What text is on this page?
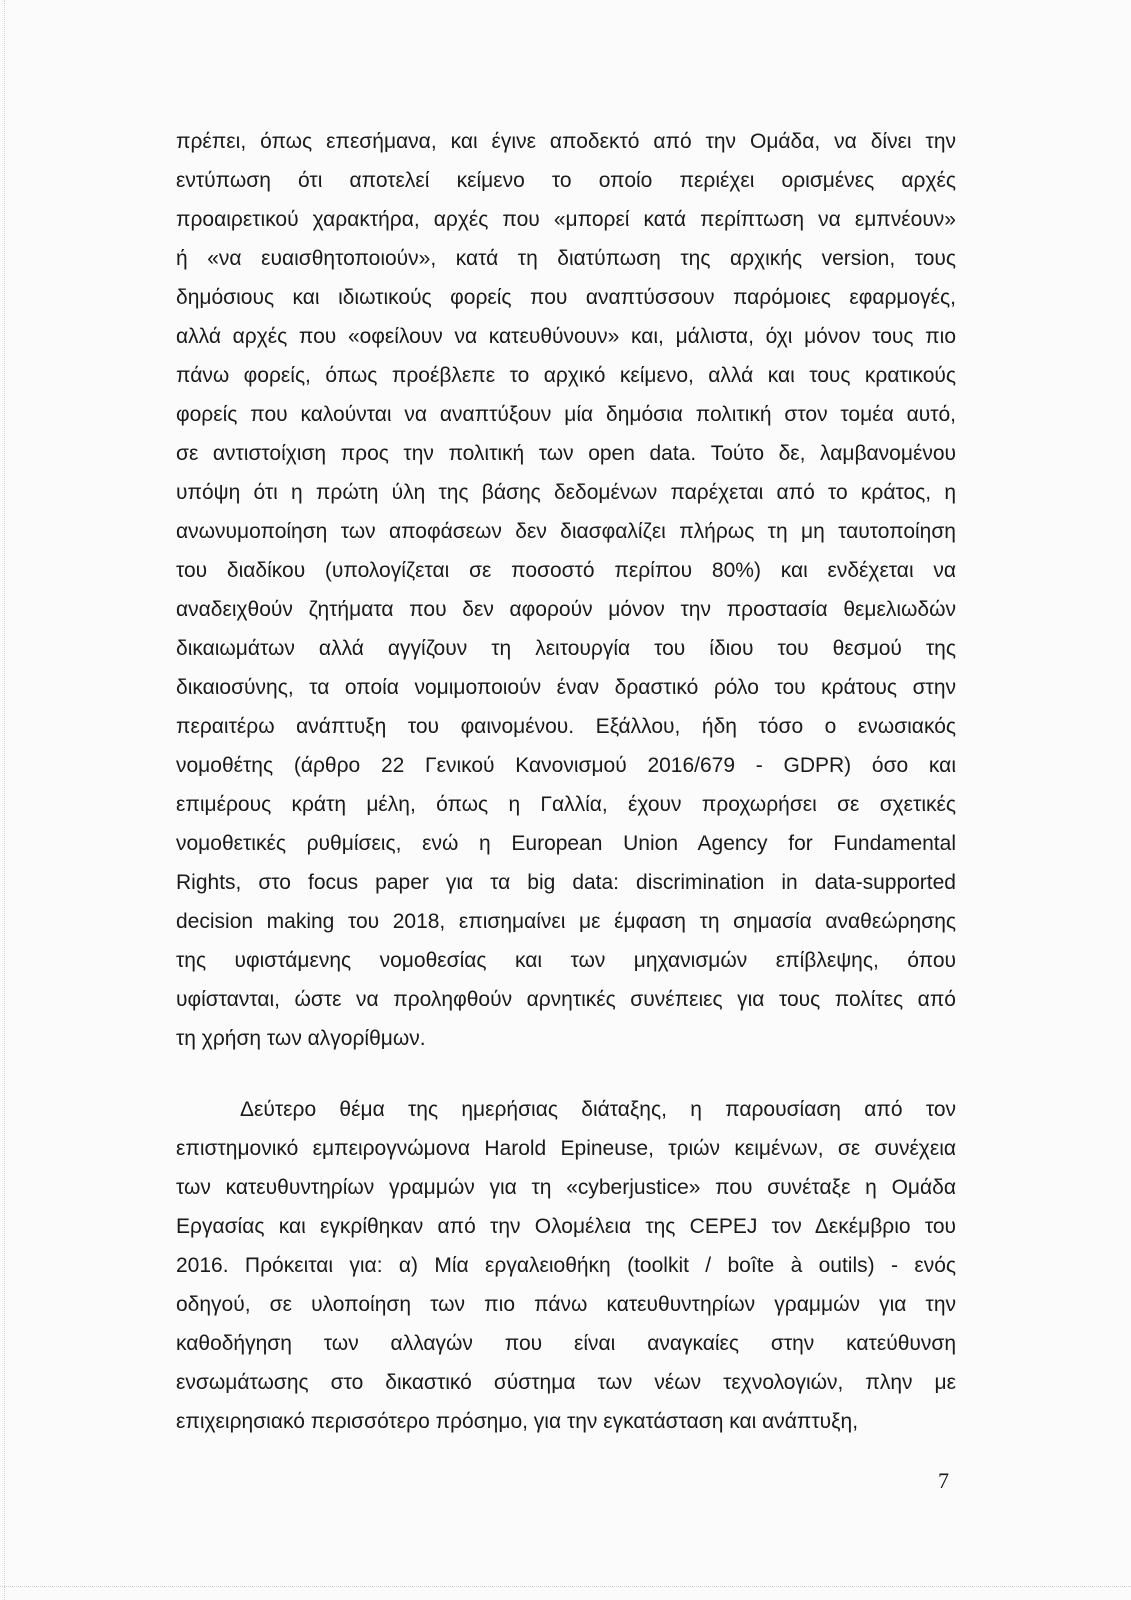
πρέπει, όπως επεσήμανα, και έγινε αποδεκτό από την Ομάδα, να δίνει την
εντύπωση ότι αποτελεί κείμενο το οποίο περιέχει ορισμένες αρχές
προαιρετικού χαρακτήρα, αρχές που «μπορεί κατά περίπτωση να εμπνέουν»
ή «να ευαισθητοποιούν», κατά τη διατύπωση της αρχικής version, τους
δημόσιους και ιδιωτικούς φορείς που αναπτύσσουν παρόμοιες εφαρμογές,
αλλά αρχές που «οφείλουν να κατευθύνουν» και, μάλιστα, όχι μόνον τους πιο
πάνω φορείς, όπως προέβλεπε το αρχικό κείμενο, αλλά και τους κρατικούς
φορείς που καλούνται να αναπτύξουν μία δημόσια πολιτική στον τομέα αυτό,
σε αντιστοίχιση προς την πολιτική των open data. Τούτο δε, λαμβανομένου
υπόψη ότι η πρώτη ύλη της βάσης δεδομένων παρέχεται από το κράτος, η
ανωνυμοποίηση των αποφάσεων δεν διασφαλίζει πλήρως τη μη ταυτοποίηση
του διαδίκου (υπολογίζεται σε ποσοστό περίπου 80%) και ενδέχεται να
αναδειχθούν ζητήματα που δεν αφορούν μόνον την προστασία θεμελιωδών
δικαιωμάτων αλλά αγγίζουν τη λειτουργία του ίδιου του θεσμού της
δικαιοσύνης, τα οποία νομιμοποιούν έναν δραστικό ρόλο του κράτους στην
περαιτέρω ανάπτυξη του φαινομένου. Εξάλλου, ήδη τόσο ο ενωσιακός
νομοθέτης (άρθρο 22 Γενικού Κανονισμού 2016/679 - GDPR) όσο και
επιμέρους κράτη μέλη, όπως η Γαλλία, έχουν προχωρήσει σε σχετικές
νομοθετικές ρυθμίσεις, ενώ η European Union Agency for Fundamental
Rights, στο focus paper για τα big data: discrimination in data-supported
decision making του 2018, επισημαίνει με έμφαση τη σημασία αναθεώρησης
της υφιστάμενης νομοθεσίας και των μηχανισμών επίβλεψης, όπου
υφίστανται, ώστε να προληφθούν αρνητικές συνέπειες για τους πολίτες από
τη χρήση των αλγορίθμων.
Δεύτερο θέμα της ημερήσιας διάταξης, η παρουσίαση από τον
επιστημονικό εμπειρογνώμονα Harold Epineuse, τριών κειμένων, σε συνέχεια
των κατευθυντηρίων γραμμών για τη «cyberjustice» που συνέταξε η Ομάδα
Εργασίας και εγκρίθηκαν από την Ολομέλεια της CEPEJ τον Δεκέμβριο του
2016. Πρόκειται για: α) Μία εργαλειοθήκη (toolkit / boîte à outils) - ενός
οδηγού, σε υλοποίηση των πιο πάνω κατευθυντηρίων γραμμών για την
καθοδήγηση των αλλαγών που είναι αναγκαίες στην κατεύθυνση
ενσωμάτωσης στο δικαστικό σύστημα των νέων τεχνολογιών, πλην με
επιχειρησιακό περισσότερο πρόσημο, για την εγκατάσταση και ανάπτυξη,
7
